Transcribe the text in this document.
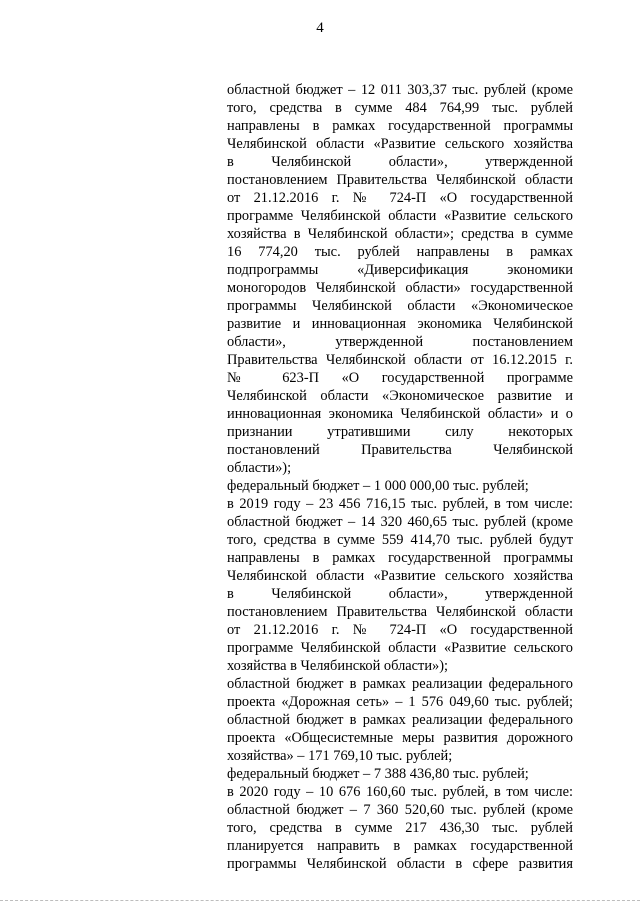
4
областной бюджет – 12 011 303,37 тыс. рублей (кроме
того, средства в сумме 484 764,99 тыс. рублей
направлены в рамках государственной программы
Челябинской области «Развитие сельского хозяйства
в Челябинской области», утвержденной
постановлением Правительства Челябинской области
от 21.12.2016 г. № 724-П «О государственной
программе Челябинской области «Развитие сельского
хозяйства в Челябинской области»; средства в сумме
16 774,20 тыс. рублей направлены в рамках
подпрограммы «Диверсификация экономики
моногородов Челябинской области» государственной
программы Челябинской области «Экономическое
развитие и инновационная экономика Челябинской
области», утвержденной постановлением
Правительства Челябинской области от 16.12.2015 г.
№ 623-П «О государственной программе
Челябинской области «Экономическое развитие и
инновационная экономика Челябинской области» и о
признании утратившими силу некоторых
постановлений Правительства Челябинской
области»);
федеральный бюджет – 1 000 000,00 тыс. рублей;
в 2019 году – 23 456 716,15 тыс. рублей, в том числе:
областной бюджет – 14 320 460,65 тыс. рублей (кроме
того, средства в сумме 559 414,70 тыс. рублей будут
направлены в рамках государственной программы
Челябинской области «Развитие сельского хозяйства
в Челябинской области», утвержденной
постановлением Правительства Челябинской области
от 21.12.2016 г. № 724-П «О государственной
программе Челябинской области «Развитие сельского
хозяйства в Челябинской области»);
областной бюджет в рамках реализации федерального
проекта «Дорожная сеть» – 1 576 049,60 тыс. рублей;
областной бюджет в рамках реализации федерального
проекта «Общесистемные меры развития дорожного
хозяйства» – 171 769,10 тыс. рублей;
федеральный бюджет – 7 388 436,80 тыс. рублей;
в 2020 году – 10 676 160,60 тыс. рублей, в том числе:
областной бюджет – 7 360 520,60 тыс. рублей (кроме
того, средства в сумме 217 436,30 тыс. рублей
планируется направить в рамках государственной
программы Челябинской области в сфере развития
